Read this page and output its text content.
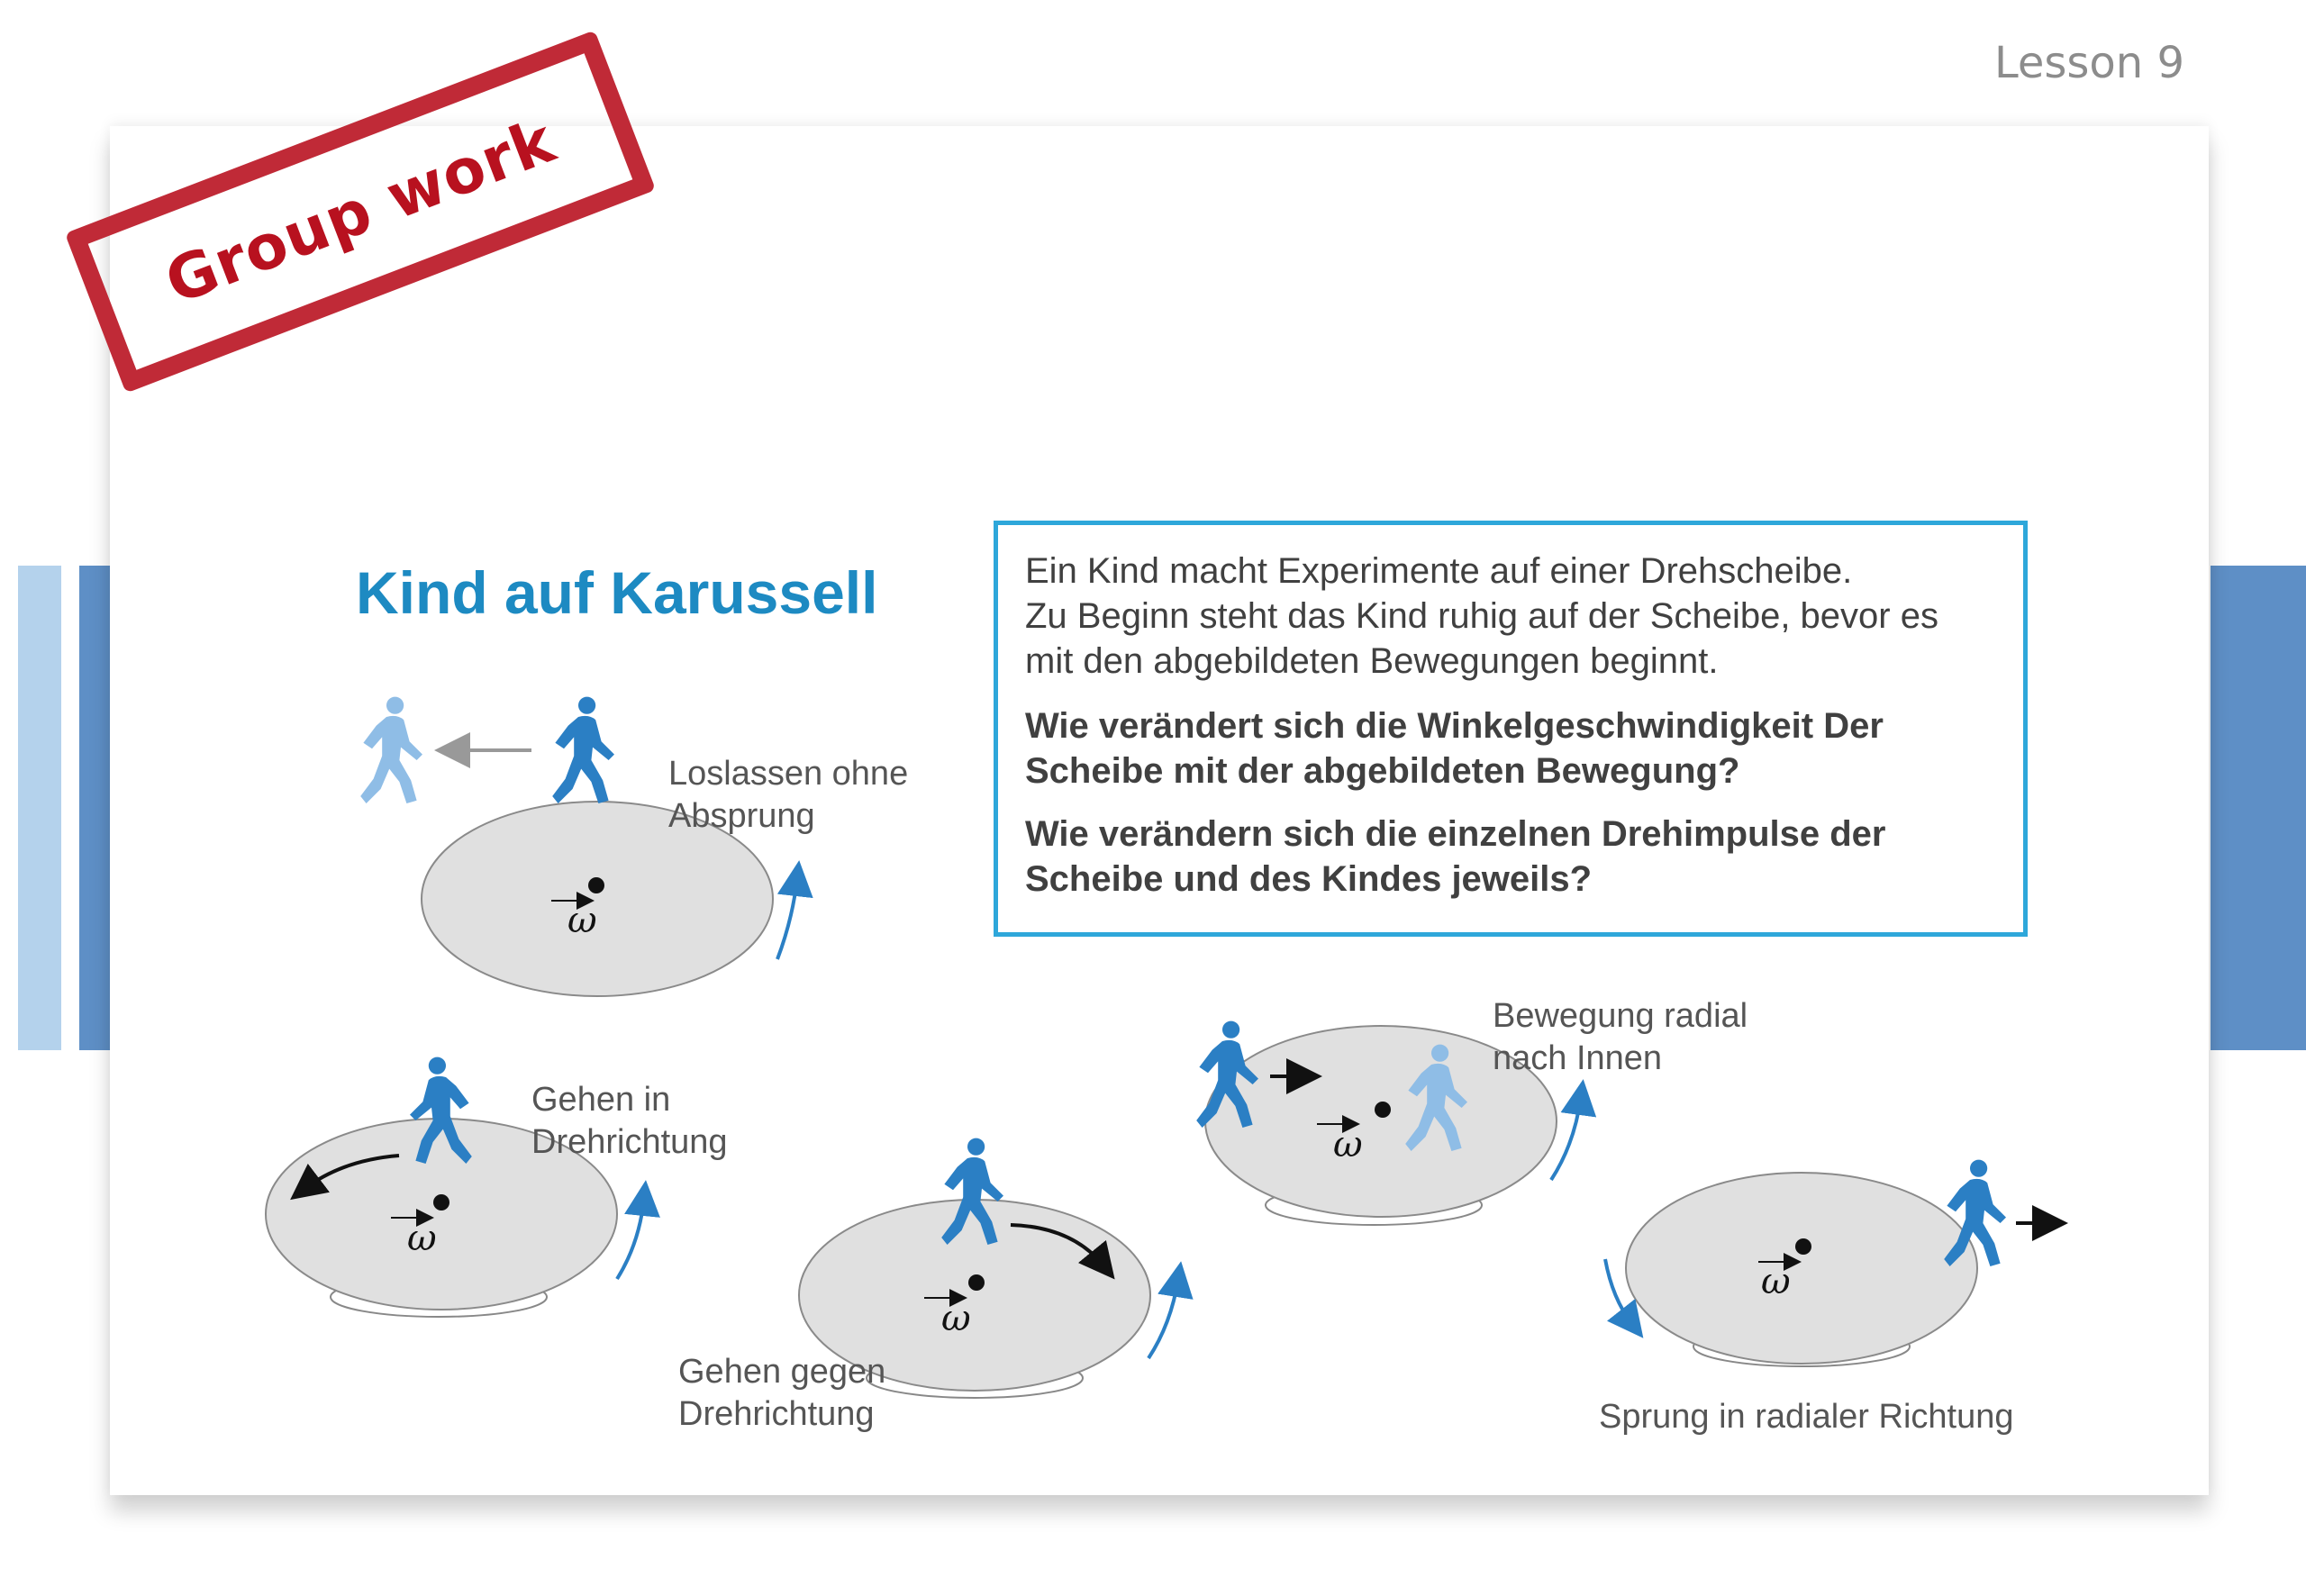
Lesson 9
Group work
Kind auf Karussell	Ein Kind macht Experimente auf einer Drehscheibe.
Zu Beginn steht das Kind ruhig auf der Scheibe, bevor es mit den abgebildeten Bewegungen beginnt.

Wie verändert sich die Winkelgeschwindigkeit Der Scheibe mit der abgebildeten Bewegung?

Wie verändern sich die einzelnen Drehimpulse der Scheibe und des Kindes jeweils?

ω
ω
ω
ω
ω
Loslassen ohne
Absprung
Gehen in
Drehrichtung
Gehen gegen
Drehrichtung
Bewegung radial
nach Innen
Sprung in radialer Richtung
